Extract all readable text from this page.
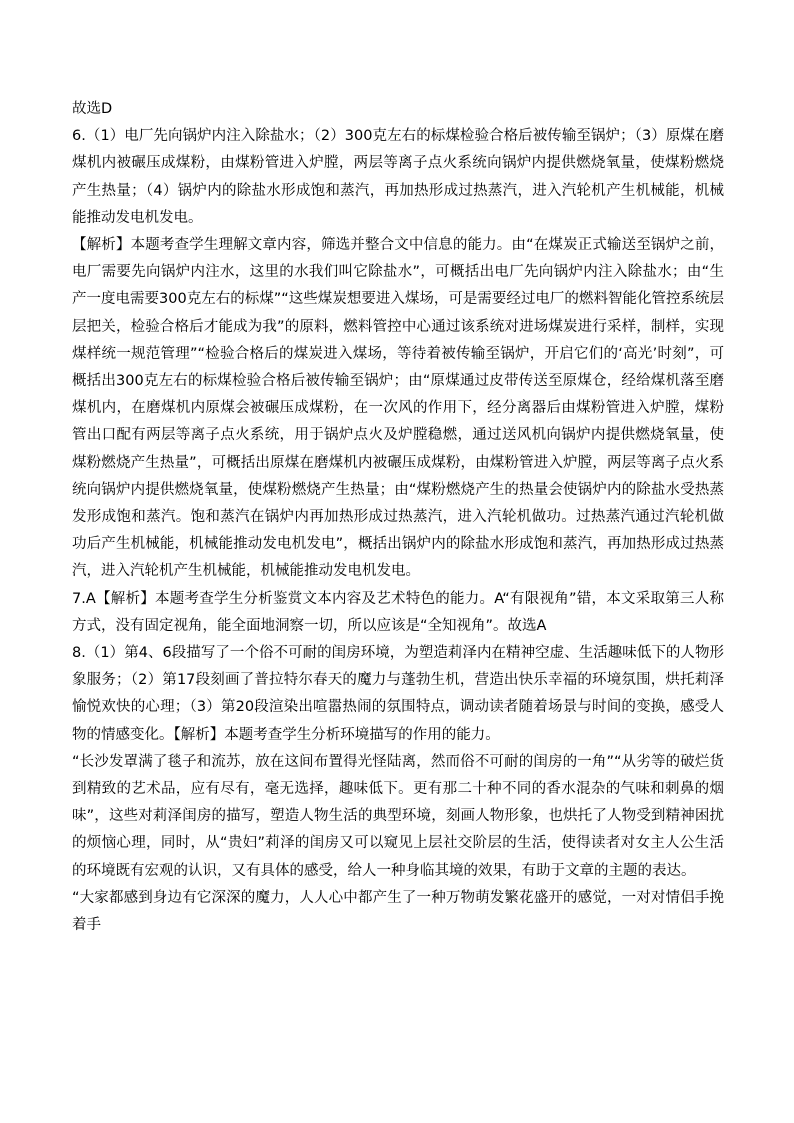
故选D

6.（1）电厂先向锅炉内注入除盐水；（2）300克左右的标煤检验合格后被传输至锅炉；（3）原煤在磨煤机内被碾压成煤粉，由煤粉管进入炉膛，两层等离子点火系统向锅炉内提供燃烧氧量，使煤粉燃烧产生热量；（4）锅炉内的除盐水形成饱和蒸汽，再加热形成过热蒸汽，进入汽轮机产生机械能，机械能推动发电机发电。

【解析】本题考查学生理解文章内容，筛选并整合文中信息的能力。由“在煤炭正式输送至锅炉之前，电厂需要先向锅炉内注水，这里的水我们叫它除盐水”，可概括出电厂先向锅炉内注入除盐水；由“生产一度电需要300克左右的标煤”“这些煤炭想要进入煤场，可是需要经过电厂的燃料智能化管控系统层层把关，检验合格后才能成为我”的原料，燃料管控中心通过该系统对进场煤炭进行采样，制样，实现煤样统一规范管理”“检验合格后的煤炭进入煤场，等待着被传输至锅炉，开启它们的‘高光’时刻”，可概括出300克左右的标煤检验合格后被传输至锅炉；由“原煤通过皮带传送至原煤仓，经给煤机落至磨煤机内，在磨煤机内原煤会被碾压成煤粉，在一次风的作用下，经分离器后由煤粉管进入炉膛，煤粉管出口配有两层等离子点火系统，用于锅炉点火及炉膛稳燃，通过送风机向锅炉内提供燃烧氧量，使煤粉燃烧产生热量”，可概括出原煤在磨煤机内被碾压成煤粉，由煤粉管进入炉膛，两层等离子点火系统向锅炉内提供燃烧氧量，使煤粉燃烧产生热量；由“煤粉燃烧产生的热量会使锅炉内的除盐水受热蒸发形成饱和蒸汽。饱和蒸汽在锅炉内再加热形成过热蒸汽，进入汽轮机做功。过热蒸汽通过汽轮机做功后产生机械能，机械能推动发电机发电”，概括出锅炉内的除盐水形成饱和蒸汽，再加热形成过热蒸汽，进入汽轮机产生机械能，机械能推动发电机发电。

7.A【解析】本题考查学生分析鉴赏文本内容及艺术特色的能力。A“有限视角”错，本文采取第三人称方式，没有固定视角，能全面地洞察一切，所以应该是“全知视角”。故选A

8.（1）第4、6段描写了一个俗不可耐的闺房环境，为塑造莉泽内在精神空虚、生活趣味低下的人物形象服务；（2）第17段刻画了普拉特尔春天的魔力与蓬勃生机，营造出快乐幸福的环境氛围，烘托莉泽愉悦欢快的心理；（3）第20段渲染出喧嚣热闹的氛围特点，调动读者随着场景与时间的变换，感受人物的情感变化。【解析】本题考查学生分析环境描写的作用的能力。

“长沙发罩满了毯子和流苏，放在这间布置得光怪陆离，然而俗不可耐的闺房的一角”“从劣等的破烂货到精致的艺术品，应有尽有，毫无选择，趣味低下。更有那二十种不同的香水混杂的气味和刺鼻的烟味”，这些对莉泽闺房的描写，塑造人物生活的典型环境，刻画人物形象，也烘托了人物受到精神困扰的烦恼心理，同时，从“贵妇”莉泽的闺房又可以窥见上层社交阶层的生活，使得读者对女主人公生活的环境既有宏观的认识，又有具体的感受，给人一种身临其境的效果，有助于文章的主题的表达。

“大家都感到身边有它深深的魔力，人人心中都产生了一种万物萌发繁花盛开的感觉，一对对情侣手挽着手
